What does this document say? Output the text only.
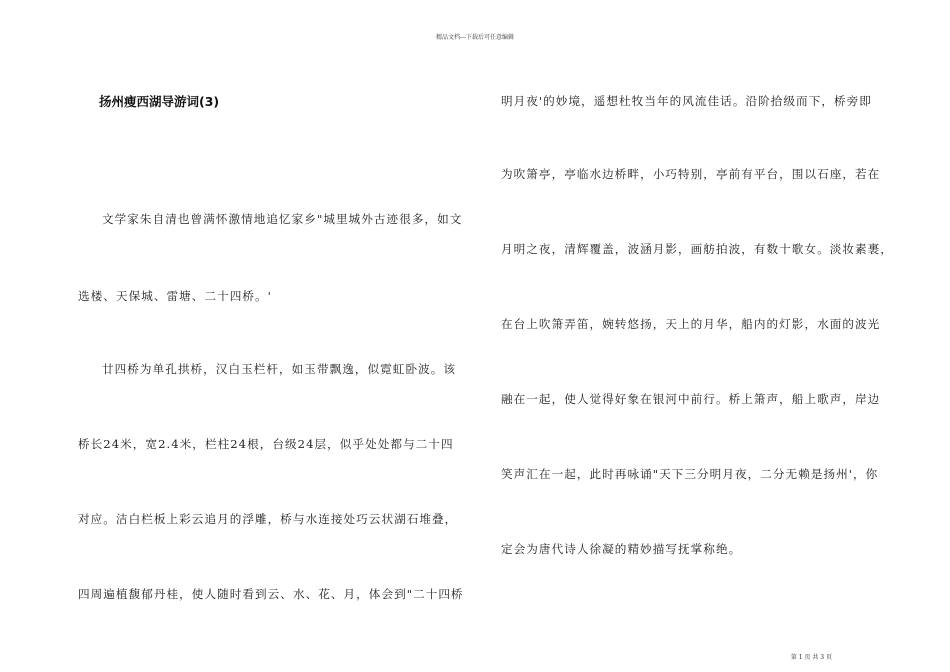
精品文档---下载后可任意编辑
扬州瘦西湖导游词(3)
文学家朱自清也曾满怀激情地追忆家乡"城里城外古迹很多，如文
选楼、天保城、雷塘、二十四桥。'
廿四桥为单孔拱桥，汉白玉栏杆，如玉带飘逸，似霓虹卧波。该
桥长24米，宽2.4米，栏柱24根，台级24层，似乎处处都与二十四
对应。洁白栏板上彩云追月的浮雕，桥与水连接处巧云状湖石堆叠，
四周遍植馥郁丹桂，使人随时看到云、水、花、月，体会到"二十四桥
明月夜'的妙境，遥想杜牧当年的风流佳话。沿阶拾级而下，桥旁即
为吹箫亭，亭临水边桥畔，小巧特别，亭前有平台，围以石座，若在
月明之夜，清辉覆盖，波涵月影，画舫拍波，有数十歌女。淡妆素裹，
在台上吹箫弄笛，婉转悠扬，天上的月华，船内的灯影，水面的波光
融在一起，使人觉得好象在银河中前行。桥上箫声，船上歌声，岸边
笑声汇在一起，此时再咏诵"天下三分明月夜，二分无赖是扬州'，你
定会为唐代诗人徐凝的精妙描写抚掌称绝。
第 1 页 共 3 页
